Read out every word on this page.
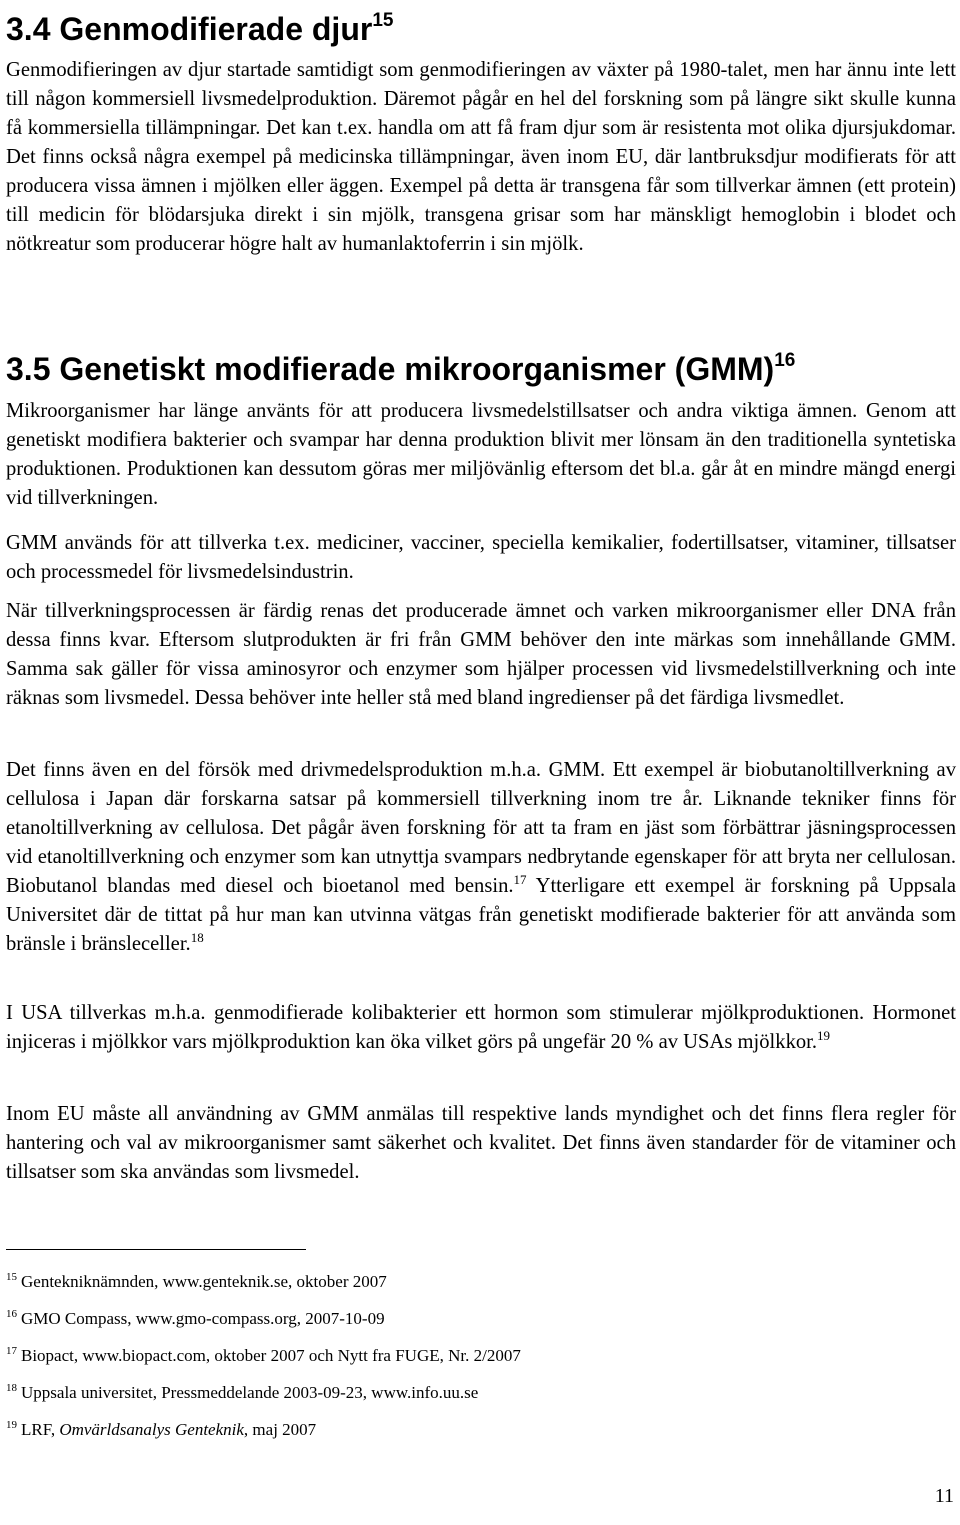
3.4 Genmodifierade djur$^{15}$

Genmodifieringen av djur startade samtidigt som genmodifieringen av växter på 1980-talet, men har ännu inte lett till någon kommersiell livsmedelproduktion. Däremot pågår en hel del forskning som på längre sikt skulle kunna få kommersiella tillämpningar. Det kan t.ex. handla om att få fram djur som är resistenta mot olika djursjukdomar. Det finns också några exempel på medicinska tillämpningar, även inom EU, där lantbruksdjur modifierats för att producera vissa ämnen i mjölken eller äggen. Exempel på detta är transgena får som tillverkar ämnen (ett protein) till medicin för blödarsjuka direkt i sin mjölk, transgena grisar som har mänskligt hemoglobin i blodet och nötkreatur som producerar högre halt av humanlaktoferrin i sin mjölk.

3.5 Genetiskt modifierade mikroorganismer (GMM)$^{16}$

Mikroorganismer har länge använts för att producera livsmedelstillsatser och andra viktiga ämnen. Genom att genetiskt modifiera bakterier och svampar har denna produktion blivit mer lönsam än den traditionella syntetiska produktionen. Produktionen kan dessutom göras mer miljövänlig eftersom det bl.a. går åt en mindre mängd energi vid tillverkningen.

GMM används för att tillverka t.ex. mediciner, vacciner, speciella kemikalier, fodertillsatser, vitaminer, tillsatser och processmedel för livsmedelsindustrin.

När tillverkningsprocessen är färdig renas det producerade ämnet och varken mikroorganismer eller DNA från dessa finns kvar. Eftersom slutprodukten är fri från GMM behöver den inte märkas som innehållande GMM. Samma sak gäller för vissa aminosyror och enzymer som hjälper processen vid livsmedelstillverkning och inte räknas som livsmedel. Dessa behöver inte heller stå med bland ingredienser på det färdiga livsmedlet.

Det finns även en del försök med drivmedelsproduktion m.h.a. GMM. Ett exempel är biobutanoltillverkning av cellulosa i Japan där forskarna satsar på kommersiell tillverkning inom tre år. Liknande tekniker finns för etanoltillverkning av cellulosa. Det pågår även forskning för att ta fram en jäst som förbättrar jäsningsprocessen vid etanoltillverkning och enzymer som kan utnyttja svampars nedbrytande egenskaper för att bryta ner cellulosan. Biobutanol blandas med diesel och bioetanol med bensin.$^{17}$ Ytterligare ett exempel är forskning på Uppsala Universitet där de tittat på hur man kan utvinna vätgas från genetiskt modifierade bakterier för att använda som bränsle i bränsleceller.$^{18}$

I USA tillverkas m.h.a. genmodifierade kolibakterier ett hormon som stimulerar mjölkproduktionen. Hormonet injiceras i mjölkkor vars mjölkproduktion kan öka vilket görs på ungefär 20 % av USAs mjölkkor.$^{19}$

Inom EU måste all användning av GMM anmälas till respektive lands myndighet och det finns flera regler för hantering och val av mikroorganismer samt säkerhet och kvalitet. Det finns även standarder för de vitaminer och tillsatser som ska användas som livsmedel.

$^{15}$ Gentekniknämnden, www.genteknik.se, oktober 2007
$^{16}$ GMO Compass, www.gmo-compass.org, 2007-10-09
$^{17}$ Biopact, www.biopact.com, oktober 2007 och Nytt fra FUGE, Nr. 2/2007
$^{18}$ Uppsala universitet, Pressmeddelande 2003-09-23, www.info.uu.se
$^{19}$ LRF, Omvärldsanalys Genteknik, maj 2007
11
